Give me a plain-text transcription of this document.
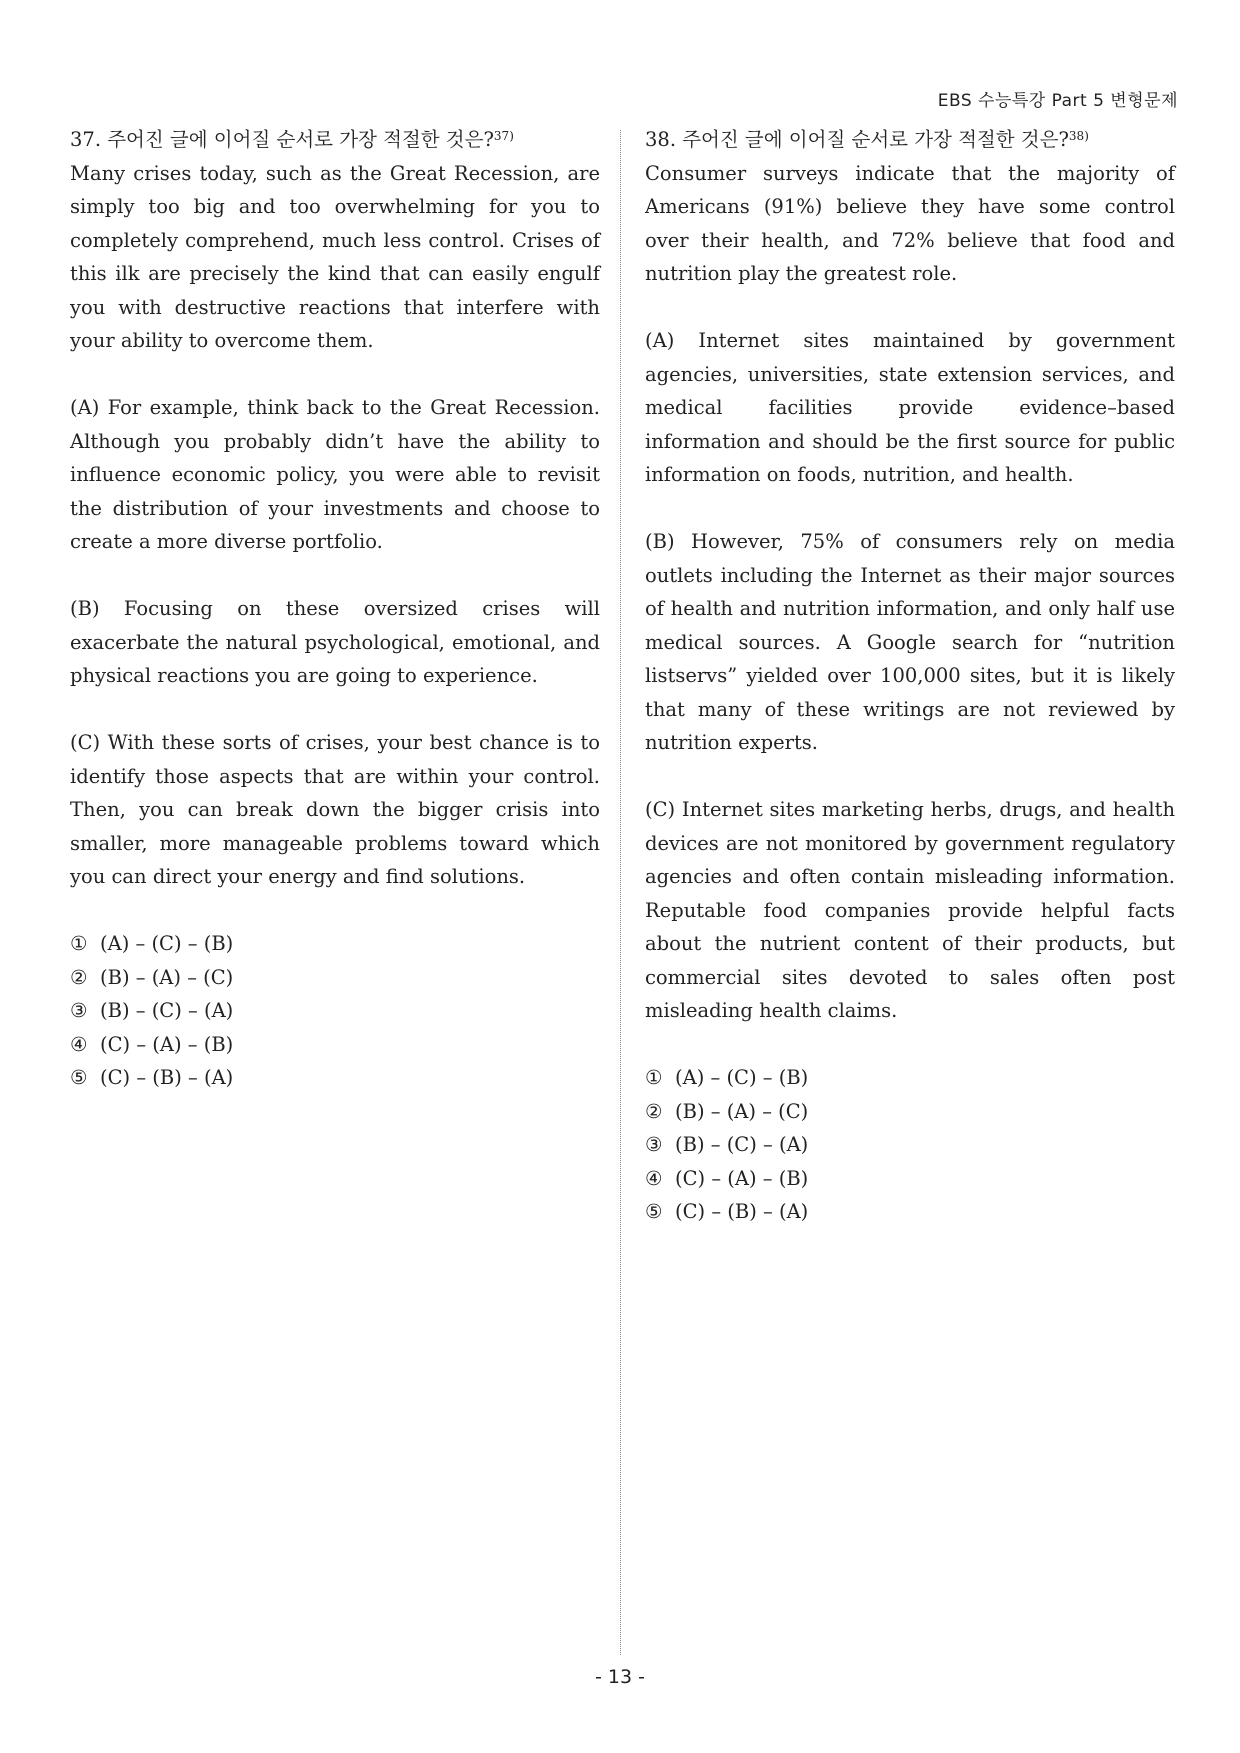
EBS 수능특강 Part 5 변형문제
37. 주어진 글에 이어질 순서로 가장 적절한 것은?$^{37)}$

Many crises today, such as the Great Recession, are simply too big and too overwhelming for you to completely comprehend, much less control. Crises of this ilk are precisely the kind that can easily engulf you with destructive reactions that interfere with your ability to overcome them.

(A) For example, think back to the Great Recession. Although you probably didn’t have the ability to influence economic policy, you were able to revisit the distribution of your investments and choose to create a more diverse portfolio.

(B) Focusing on these oversized crises will exacerbate the natural psychological, emotional, and physical reactions you are going to experience.

(C) With these sorts of crises, your best chance is to identify those aspects that are within your control. Then, you can break down the bigger crisis into smaller, more manageable problems toward which you can direct your energy and find solutions.

① (A) – (C) – (B)
② (B) – (A) – (C)
③ (B) – (C) – (A)
④ (C) – (A) – (B)
⑤ (C) – (B) – (A)
38. 주어진 글에 이어질 순서로 가장 적절한 것은?$^{38)}$

Consumer surveys indicate that the majority of Americans (91%) believe they have some control over their health, and 72% believe that food and nutrition play the greatest role.

(A) Internet sites maintained by government agencies, universities, state extension services, and medical facilities provide evidence–based information and should be the first source for public information on foods, nutrition, and health.

(B) However, 75% of consumers rely on media outlets including the Internet as their major sources of health and nutrition information, and only half use medical sources. A Google search for “nutrition listservs” yielded over 100,000 sites, but it is likely that many of these writings are not reviewed by nutrition experts.

(C) Internet sites marketing herbs, drugs, and health devices are not monitored by government regulatory agencies and often contain misleading information. Reputable food companies provide helpful facts about the nutrient content of their products, but commercial sites devoted to sales often post misleading health claims.

① (A) – (C) – (B)
② (B) – (A) – (C)
③ (B) – (C) – (A)
④ (C) – (A) – (B)
⑤ (C) – (B) – (A)
- 13 -
